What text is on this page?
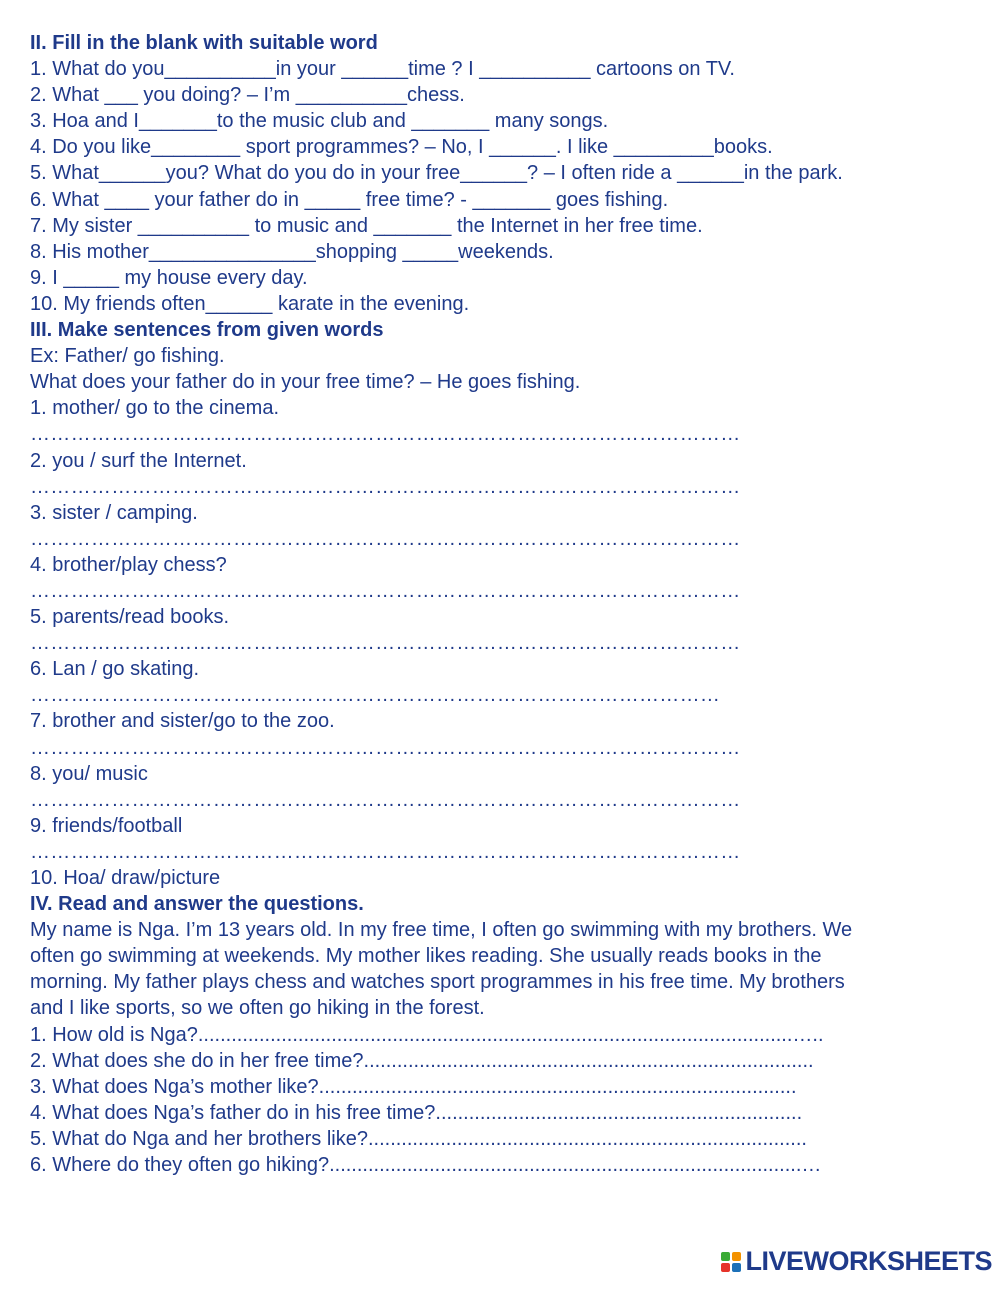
II. Fill in the blank with suitable word
1. What do you__________in your ______time ? I __________ cartoons on TV.
2. What ___ you doing? – I’m __________chess.
3. Hoa and I_______to the music club and _______ many songs.
4. Do you like________ sport programmes? – No, I ______. I like _________books.
5. What______you? What do you do in your free______? – I often ride a ______in the park.
6. What ____ your father do in _____ free time? - _______ goes fishing.
7. My sister __________ to music and _______ the Internet in her free time.
8. His mother_______________shopping _____weekends.
9. I _____ my house every day.
10. My friends often______ karate in the evening.
III. Make sentences from given words
Ex: Father/ go fishing.
What does your father do in your free time? – He goes fishing.
1. mother/ go to the cinema.
……………………………………………………………………………………………
2. you / surf the Internet.
……………………………………………………………………………………………
3. sister / camping.
……………………………………………………………………………………………
4. brother/play chess?
……………………………………………………………………………………………
5. parents/read books.
……………………………………………………………………………………………
6. Lan / go skating.
…………………………………………………………………………………………
7. brother and sister/go to the zoo.
……………………………………………………………………………………………
8. you/ music
……………………………………………………………………………………………
9. friends/football
……………………………………………………………………………………………
10. Hoa/ draw/picture
IV. Read and answer the questions.
My name is Nga. I’m 13 years old. In my free time, I often go swimming with my brothers. We
often go swimming at weekends. My mother likes reading. She usually reads books in the
morning. My father plays chess and watches sport programmes in his free time. My brothers
and I like sports, so we often go hiking in the forest.
1. How old is Nga?...........................................................................................................…..
2. What does she do in her free time?.................................................................................
3. What does Nga’s mother like?......................................................................................
4. What does Nga’s father do in his free time?..................................................................
5. What do Nga and her brothers like?...............................................................................
6. Where do they often go hiking?.....................................................................................…
LIVEWORKSHEETS
